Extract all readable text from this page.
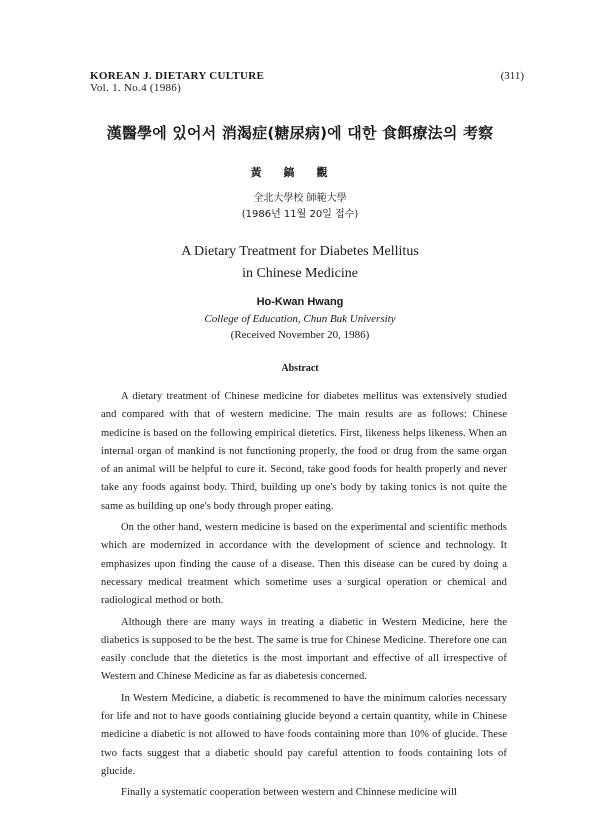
KOREAN J. DIETARY CULTURE
Vol. 1. No.4 (1986)
(311)
漢醫學에 있어서 消渴症(糖尿病)에 대한 食餌療法의 考察
黃鎬觀
全北大學校 師範大學
(1986년 11월 20일 접수)
A Dietary Treatment for Diabetes Mellitus
in Chinese Medicine
Ho-Kwan Hwang
College of Education, Chun Buk University
(Received November 20, 1986)
Abstract

A dietary treatment of Chinese medicine for diabetes mellitus was extensively studied and compared with that of western medicine. The main results are as follows: Chinese medicine is based on the following empirical dietetics. First, likeness helps likeness. When an internal organ of mankind is not functioning properly, the food or drug from the same organ of an animal will be helpful to cure it. Second, take good foods for health properly and never take any foods against body. Third, building up one's body by taking tonics is not quite the same as building up one's body through proper eating.

On the other hand, western medicine is based on the experimental and scientific methods which are modernized in accordance with the development of science and technology. It emphasizes upon finding the cause of a disease. Then this disease can be cured by doing a necessary medical treatment which sometime uses a surgical operation or chemical and radiological method or both.

Although there are many ways in treating a diabetic in Western Medicine, here the diabetics is supposed to be the best. The same is true for Chinese Medicine. Therefore one can easily conclude that the dietetics is the most important and effective of all irrespective of Western and Chinese Medicine as far as diabetesis concerned.

In Western Medicine, a diabetic is recommened to have the minimum calories necessary for life and not to have goods contiaining glucide beyond a certain quantity, while in Chinese medicine a diabetic is not allowed to have foods containing more than 10% of glucide. These two facts suggest that a diabetic should pay careful attention to foods containing lots of glucide.

Finally a systematic cooperation between western and Chinnese medicine will
